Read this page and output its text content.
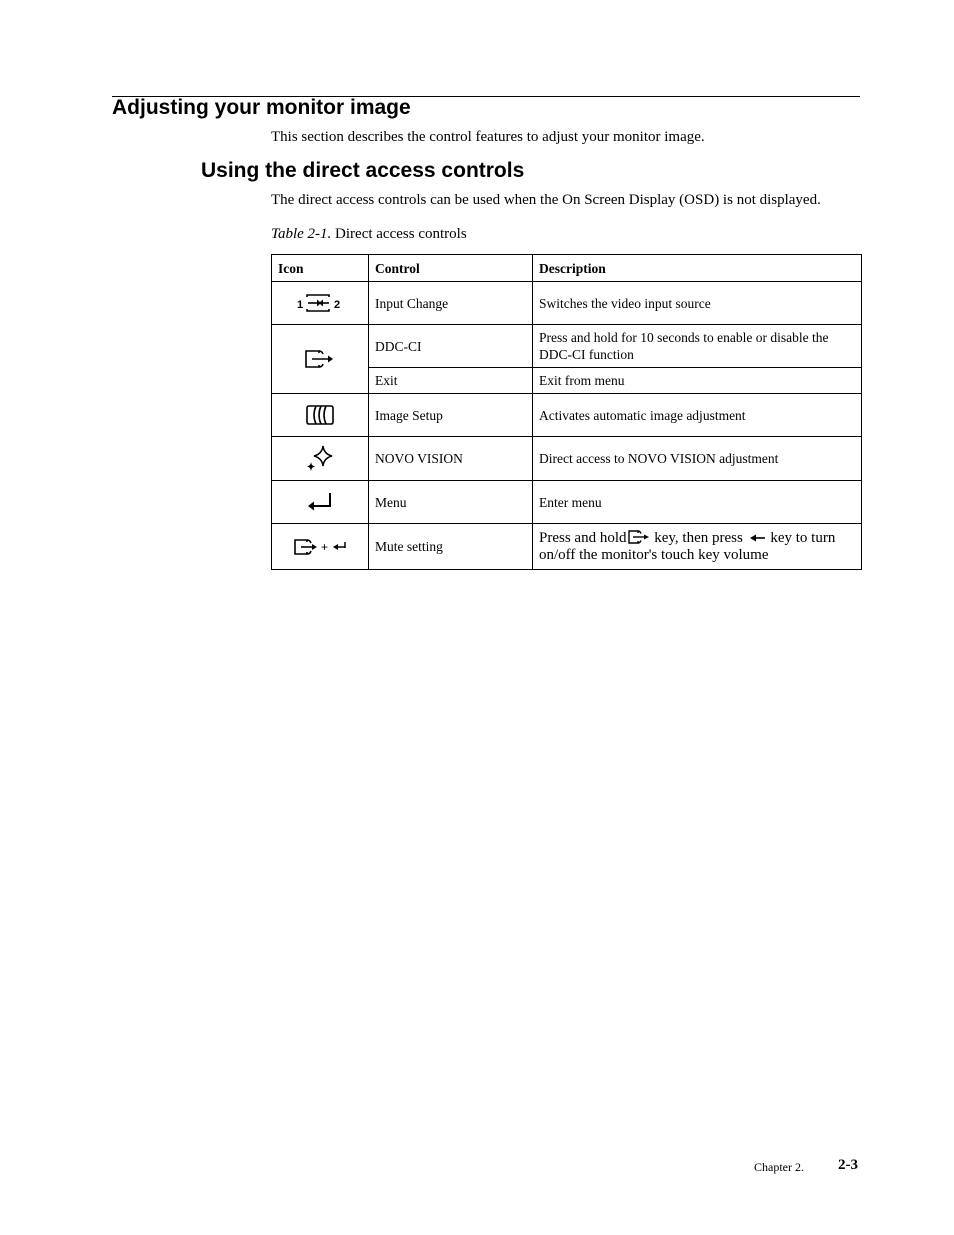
Adjusting your monitor image

This section describes the control features to adjust your monitor image.

Using the direct access controls

The direct access controls can be used when the On Screen Display (OSD) is not displayed.

Table 2-1. Direct access controls

Icon	Control	Description

1 2	Input Change	Switches the video input source

	DDC-CI	Press and hold for 10 seconds to enable or disable the DDC-CI function
	Exit	Exit from menu

	Image Setup	Activates automatic image adjustment

	NOVO VISION	Direct access to NOVO VISION adjustment

	Menu	Enter menu

+	Mute setting	Press and hold key, then press  key to turn on/off the monitor's touch key volume
Chapter 2. 2-3
